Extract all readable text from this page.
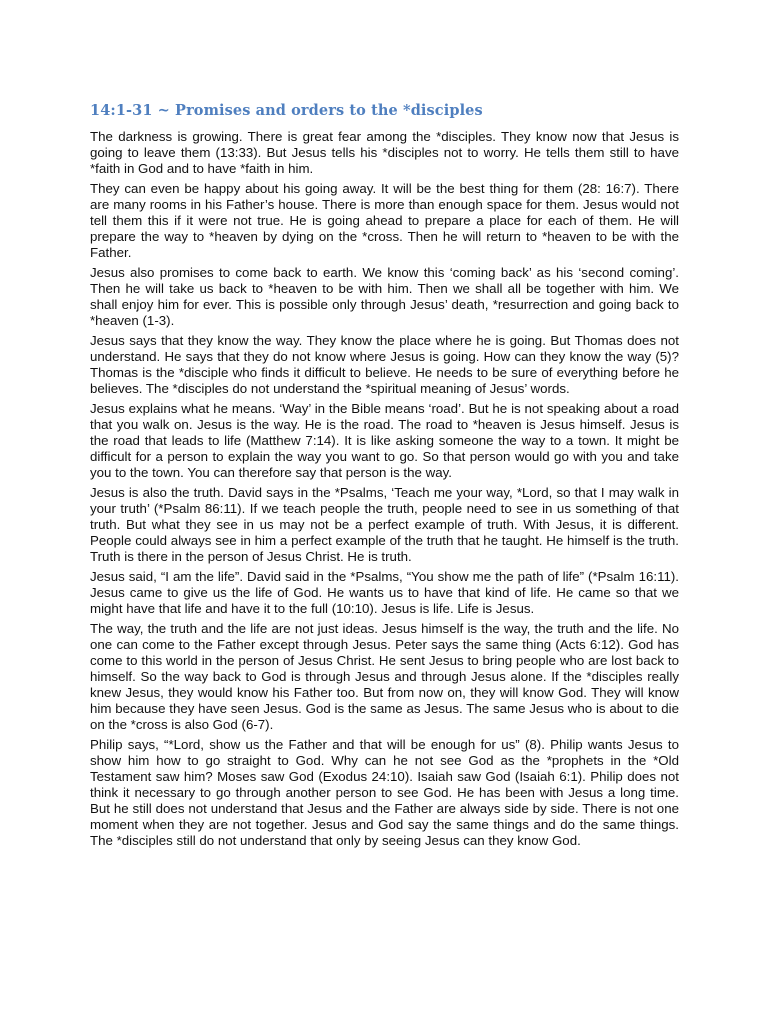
14:1-31 ~ Promises and orders to the *disciples

The darkness is growing. There is great fear among the *disciples. They know now that Jesus is going to leave them (13:33). But Jesus tells his *disciples not to worry. He tells them still to have *faith in God and to have *faith in him.

They can even be happy about his going away. It will be the best thing for them (28: 16:7). There are many rooms in his Father’s house. There is more than enough space for them. Jesus would not tell them this if it were not true. He is going ahead to prepare a place for each of them. He will prepare the way to *heaven by dying on the *cross. Then he will return to *heaven to be with the Father.

Jesus also promises to come back to earth. We know this ‘coming back’ as his ‘second coming’. Then he will take us back to *heaven to be with him. Then we shall all be together with him. We shall enjoy him for ever. This is possible only through Jesus’ death, *resurrection and going back to *heaven (1-3).

Jesus says that they know the way. They know the place where he is going. But Thomas does not understand. He says that they do not know where Jesus is going. How can they know the way (5)? Thomas is the *disciple who finds it difficult to believe. He needs to be sure of everything before he believes. The *disciples do not understand the *spiritual meaning of Jesus’ words.

Jesus explains what he means. ‘Way’ in the Bible means ‘road’. But he is not speaking about a road that you walk on. Jesus is the way. He is the road. The road to *heaven is Jesus himself. Jesus is the road that leads to life (Matthew 7:14). It is like asking someone the way to a town. It might be difficult for a person to explain the way you want to go. So that person would go with you and take you to the town. You can therefore say that person is the way.

Jesus is also the truth. David says in the *Psalms, ‘Teach me your way, *Lord, so that I may walk in your truth’ (*Psalm 86:11). If we teach people the truth, people need to see in us something of that truth. But what they see in us may not be a perfect example of truth. With Jesus, it is different. People could always see in him a perfect example of the truth that he taught. He himself is the truth. Truth is there in the person of Jesus Christ. He is truth.

Jesus said, “I am the life”. David said in the *Psalms, “You show me the path of life” (*Psalm 16:11). Jesus came to give us the life of God. He wants us to have that kind of life. He came so that we might have that life and have it to the full (10:10). Jesus is life. Life is Jesus.

The way, the truth and the life are not just ideas. Jesus himself is the way, the truth and the life. No one can come to the Father except through Jesus. Peter says the same thing (Acts 6:12). God has come to this world in the person of Jesus Christ. He sent Jesus to bring people who are lost back to himself. So the way back to God is through Jesus and through Jesus alone. If the *disciples really knew Jesus, they would know his Father too. But from now on, they will know God. They will know him because they have seen Jesus. God is the same as Jesus. The same Jesus who is about to die on the *cross is also God (6-7).

Philip says, “*Lord, show us the Father and that will be enough for us” (8). Philip wants Jesus to show him how to go straight to God. Why can he not see God as the *prophets in the *Old Testament saw him? Moses saw God (Exodus 24:10). Isaiah saw God (Isaiah 6:1). Philip does not think it necessary to go through another person to see God. He has been with Jesus a long time. But he still does not understand that Jesus and the Father are always side by side. There is not one moment when they are not together. Jesus and God say the same things and do the same things. The *disciples still do not understand that only by seeing Jesus can they know God.
